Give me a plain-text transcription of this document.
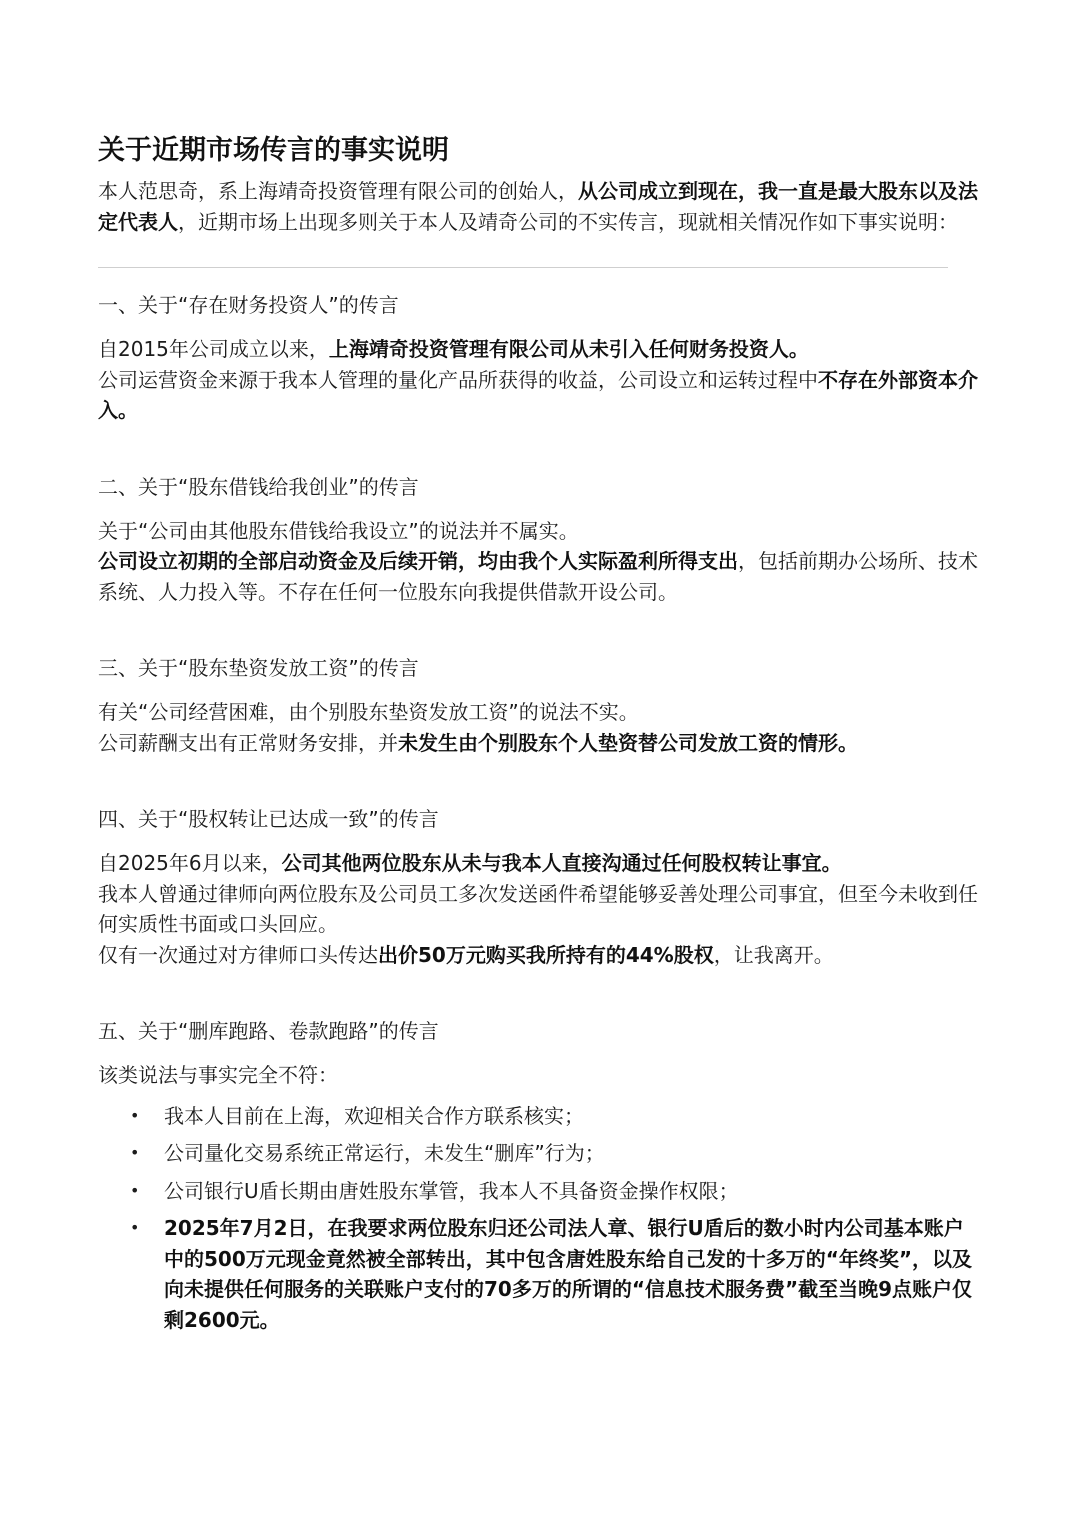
关于近期市场传言的事实说明

本人范思奇，系上海靖奇投资管理有限公司的创始人，从公司成立到现在，我一直是最大股东以及法定代表人，近期市场上出现多则关于本人及靖奇公司的不实传言，现就相关情况作如下事实说明：

一、关于“存在财务投资人”的传言

自2015年公司成立以来，上海靖奇投资管理有限公司从未引入任何财务投资人。

公司运营资金来源于我本人管理的量化产品所获得的收益，公司设立和运转过程中不存在外部资本介入。

二、关于“股东借钱给我创业”的传言

关于“公司由其他股东借钱给我设立”的说法并不属实。

公司设立初期的全部启动资金及后续开销，均由我个人实际盈利所得支出，包括前期办公场所、技术系统、人力投入等。不存在任何一位股东向我提供借款开设公司。

三、关于“股东垫资发放工资”的传言

有关“公司经营困难，由个别股东垫资发放工资”的说法不实。

公司薪酬支出有正常财务安排，并未发生由个别股东个人垫资替公司发放工资的情形。

四、关于“股权转让已达成一致”的传言

自2025年6月以来，公司其他两位股东从未与我本人直接沟通过任何股权转让事宜。

我本人曾通过律师向两位股东及公司员工多次发送函件希望能够妥善处理公司事宜，但至今未收到任何实质性书面或口头回应。

仅有一次通过对方律师口头传达出价50万元购买我所持有的44%股权，让我离开。

五、关于“删库跑路、卷款跑路”的传言

该类说法与事实完全不符：

• 我本人目前在上海，欢迎相关合作方联系核实；
• 公司量化交易系统正常运行，未发生“删库”行为；
• 公司银行U盾长期由唐姓股东掌管，我本人不具备资金操作权限；
• 2025年7月2日，在我要求两位股东归还公司法人章、银行U盾后的数小时内公司基本账户中的500万元现金竟然被全部转出，其中包含唐姓股东给自己发的十多万的“年终奖”，以及向未提供任何服务的关联账户支付的70多万的所谓的“信息技术服务费”截至当晚9点账户仅剩2600元。
